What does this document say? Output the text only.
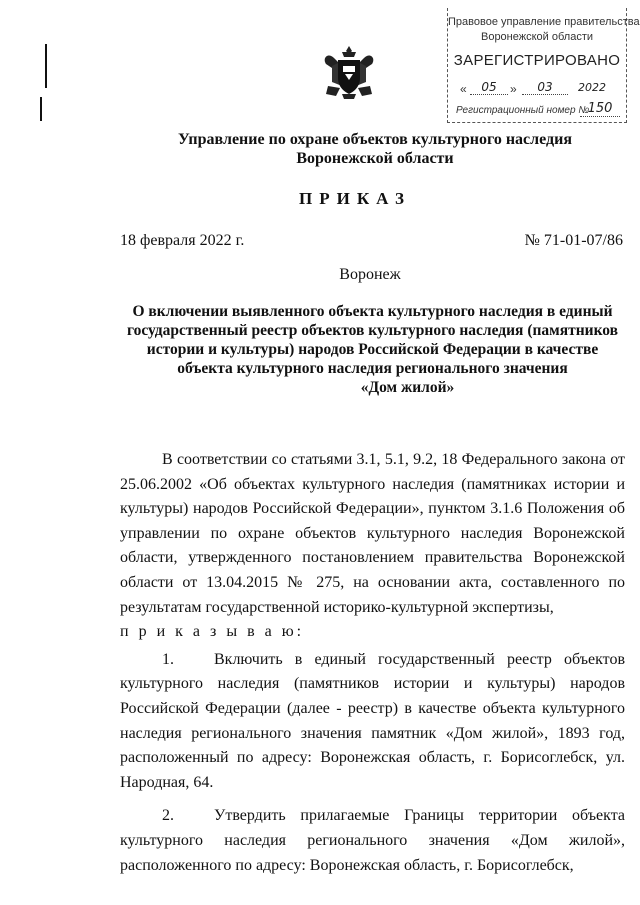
Правовое управление правительства
Воронежской области
ЗАРЕГИСТРИРОВАНО
«	05	»	03	2022
Регистрационный номер №
150
Управление по охране объектов культурного наследия
Воронежской области
ПРИКАЗ
18 февраля 2022 г.	№ 71-01-07/86
Воронеж
О включении выявленного объекта культурного наследия в единый
государственный реестр объектов культурного наследия (памятников
истории и культуры) народов Российской Федерации в качестве
объекта культурного наследия регионального значения
«Дом жилой»

В соответствии со статьями 3.1, 5.1, 9.2, 18 Федерального закона от 25.06.2002 «Об объектах культурного наследия (памятниках истории и культуры) народов Российской Федерации», пунктом 3.1.6 Положения об управлении по охране объектов культурного наследия Воронежской области, утвержденного постановлением правительства Воронежской области от 13.04.2015 № 275, на основании акта, составленного по результатам государственной историко-культурной экспертизы,

п р и к а з ы в а ю:

1.	Включить в единый государственный реестр объектов культурного наследия (памятников истории и культуры) народов Российской Федерации (далее - реестр) в качестве объекта культурного наследия регионального значения памятник «Дом жилой», 1893 год, расположенный по адресу: Воронежская область, г. Борисоглебск, ул. Народная, 64.

2.	Утвердить прилагаемые Границы территории объекта культурного наследия регионального значения «Дом жилой», расположенного по адресу: Воронежская область, г. Борисоглебск,
